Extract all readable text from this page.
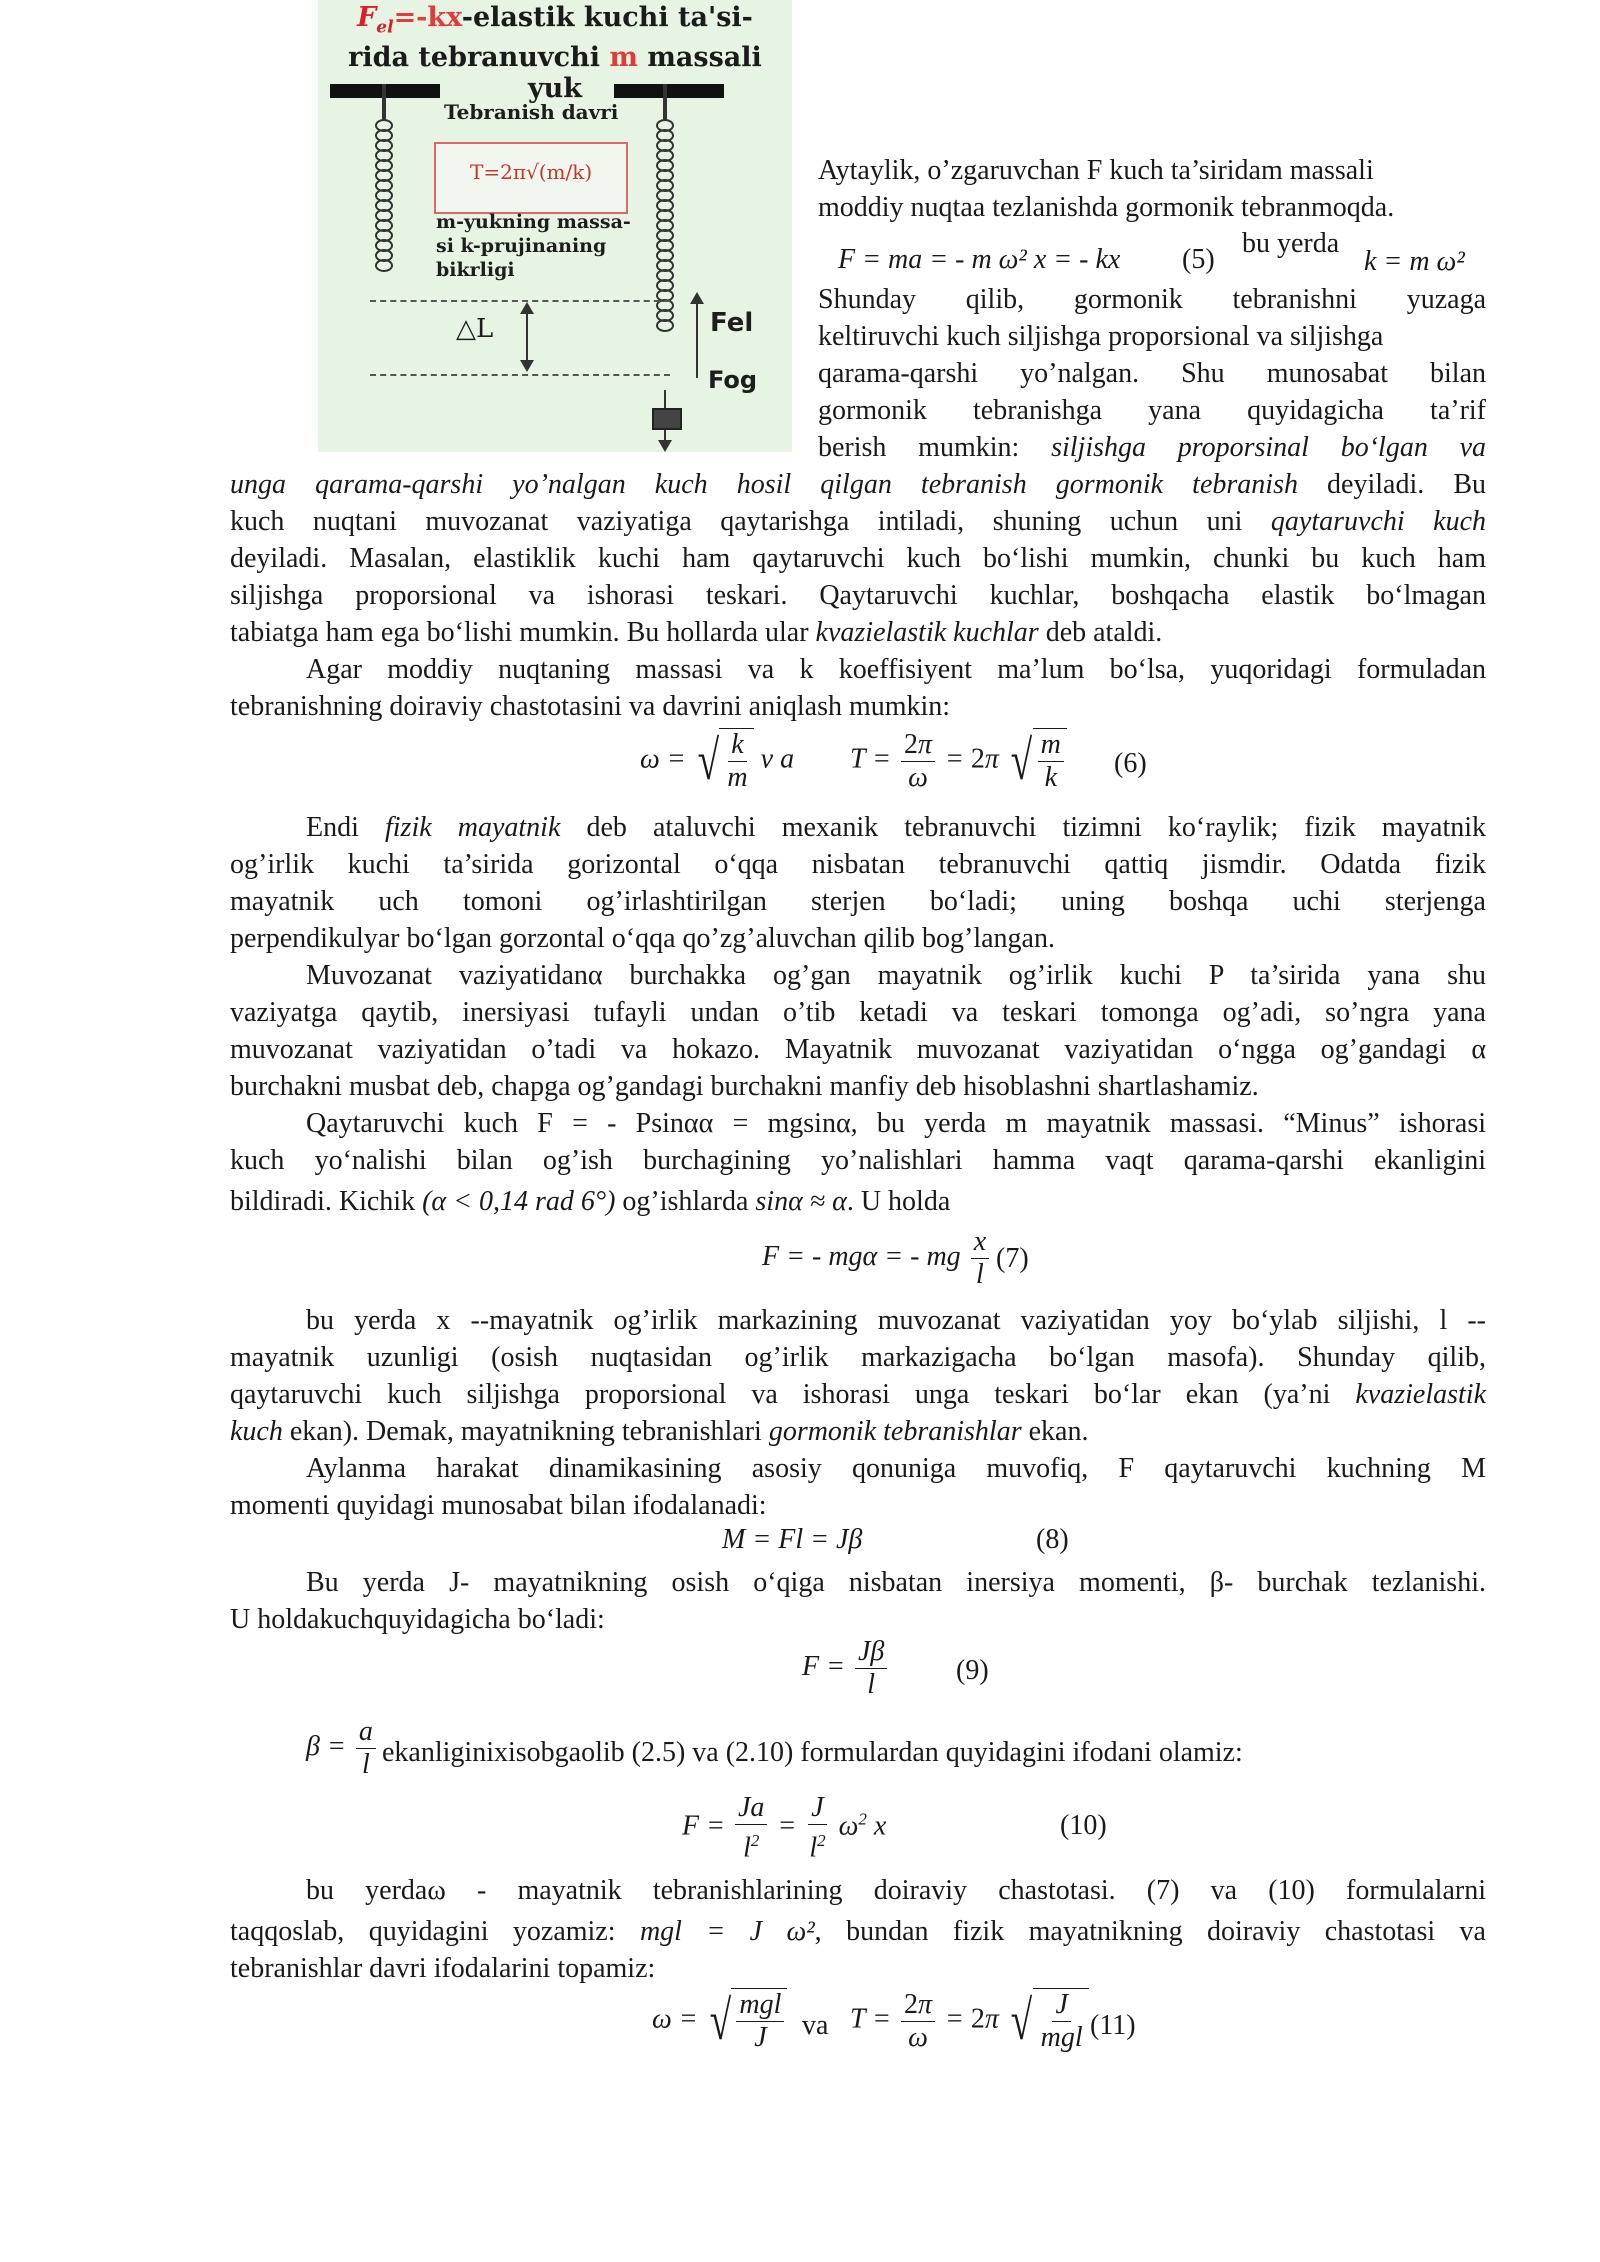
$F_{el}=-kx$-elastik kuchi ta'si-
rida tebranuvchi m massali yuk
Tebranish davri
T=2π√(m/k)
m-yukning massa-
si k-prujinaning
bikrligi
△L	Fel
Fog
Aytaylik, o’zgaruvchan F kuch ta’siridam massali
moddiy nuqtaa tezlanishda gormonik tebranmoqda.
F = ma = - m ω² x = - kx (5)
bu yerda
k = m ω²
Shunday qilib, gormonik tebranishni yuzaga
keltiruvchi kuch siljishga proporsional va siljishga
qarama-qarshi yo’nalgan. Shu munosabat bilan
gormonik tebranishga yana quyidagicha ta’rif
berish mumkin: siljishga proporsinal bo‘lgan va
unga qarama-qarshi yo’nalgan kuch hosil qilgan tebranish gormonik tebranish deyiladi. Bu
kuch nuqtani muvozanat vaziyatiga qaytarishga intiladi, shuning uchun uni qaytaruvchi kuch
deyiladi. Masalan, elastiklik kuchi ham qaytaruvchi kuch bo‘lishi mumkin, chunki bu kuch ham
siljishga proporsional va ishorasi teskari. Qaytaruvchi kuchlar, boshqacha elastik bo‘lmagan
tabiatga ham ega bo‘lishi mumkin. Bu hollarda ular kvazielastik kuchlar deb ataldi.
Agar moddiy nuqtaning massasi va k koeffisiyent ma’lum bo‘lsa, yuqoridagi formuladan
tebranishning doiraviy chastotasini va davrini aniqlash mumkin:
ω = √ $\frac{k}{m}$ v a $T = \frac{2\pi}{\omega} = 2\pi$ √ $\frac{m}{k} (6)$
Endi fizik mayatnik deb ataluvchi mexanik tebranuvchi tizimni ko‘raylik; fizik mayatnik
og’irlik kuchi ta’sirida gorizontal o‘qqa nisbatan tebranuvchi qattiq jismdir. Odatda fizik
mayatnik uch tomoni og’irlashtirilgan sterjen bo‘ladi; uning boshqa uchi sterjenga
perpendikulyar bo‘lgan gorzontal o‘qqa qo’zg’aluvchan qilib bog’langan.
Muvozanat vaziyatidanα burchakka og’gan mayatnik og’irlik kuchi P ta’sirida yana shu
vaziyatga qaytib, inersiyasi tufayli undan o’tib ketadi va teskari tomonga og’adi, so’ngra yana
muvozanat vaziyatidan o’tadi va hokazo. Mayatnik muvozanat vaziyatidan o‘ngga og’gandagi α
burchakni musbat deb, chapga og’gandagi burchakni manfiy deb hisoblashni shartlashamiz.
Qaytaruvchi kuch F = - Psinαα = mgsinα, bu yerda m mayatnik massasi. “Minus” ishorasi
kuch yo‘nalishi bilan og’ish burchagining yo’nalishlari hamma vaqt qarama-qarshi ekanligini
bildiradi. Kichik (α < 0,14 rad 6°) og’ishlarda sinα ≈ α. U holda
F = - mgα = - mg $\frac{x}{l} (7)$
bu yerda x --mayatnik og’irlik markazining muvozanat vaziyatidan yoy bo‘ylab siljishi, l --
mayatnik uzunligi (osish nuqtasidan og’irlik markazigacha bo‘lgan masofa). Shunday qilib,
qaytaruvchi kuch siljishga proporsional va ishorasi unga teskari bo‘lar ekan (ya’ni kvazielastik
kuch ekan). Demak, mayatnikning tebranishlari gormonik tebranishlar ekan.
Aylanma harakat dinamikasining asosiy qonuniga muvofiq, F qaytaruvchi kuchning M
momenti quyidagi munosabat bilan ifodalanadi:
M = Fl = Jβ	(8)
Bu yerda J- mayatnikning osish o‘qiga nisbatan inersiya momenti, β- burchak tezlanishi.
U holdakuchquyidagicha bo‘ladi:
$F = \frac{J\beta}{l} (9)$
$\beta = \frac{a}{l}$ ekanliginixisobgaolib (2.5) va (2.10) formulardan quyidagini ifodani olamiz:
$F = \frac{Ja}{l^2} = \frac{J}{l^2} \omega^2$ x	(10)
bu yerdaω - mayatnik tebranishlarining doiraviy chastotasi. (7) va (10) formulalarni
taqqoslab, quyidagini yozamiz: mgl = J ω², bundan fizik mayatnikning doiraviy chastotasi va
tebranishlar davri ifodalarini topamiz:
ω = √ $\frac{\text{mgl}}{J}$ va $T = \frac{2\pi}{\omega} = 2\pi$ √ $\frac{J}{\text{mgl}} (11)$
